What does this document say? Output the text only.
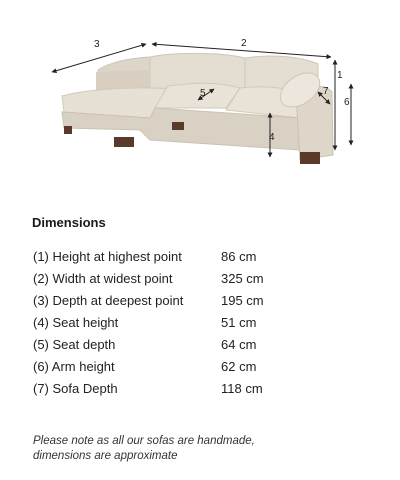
1
2
3
4
5
6
7
Dimensions
(1) Height at highest point	86 cm
(2) Width at widest point	325 cm
(3) Depth at deepest point	195 cm
(4) Seat height	51 cm
(5) Seat depth	64 cm
(6) Arm height	62 cm
(7) Sofa Depth	118 cm
Please note as all our sofas are handmade,
dimensions are approximate
